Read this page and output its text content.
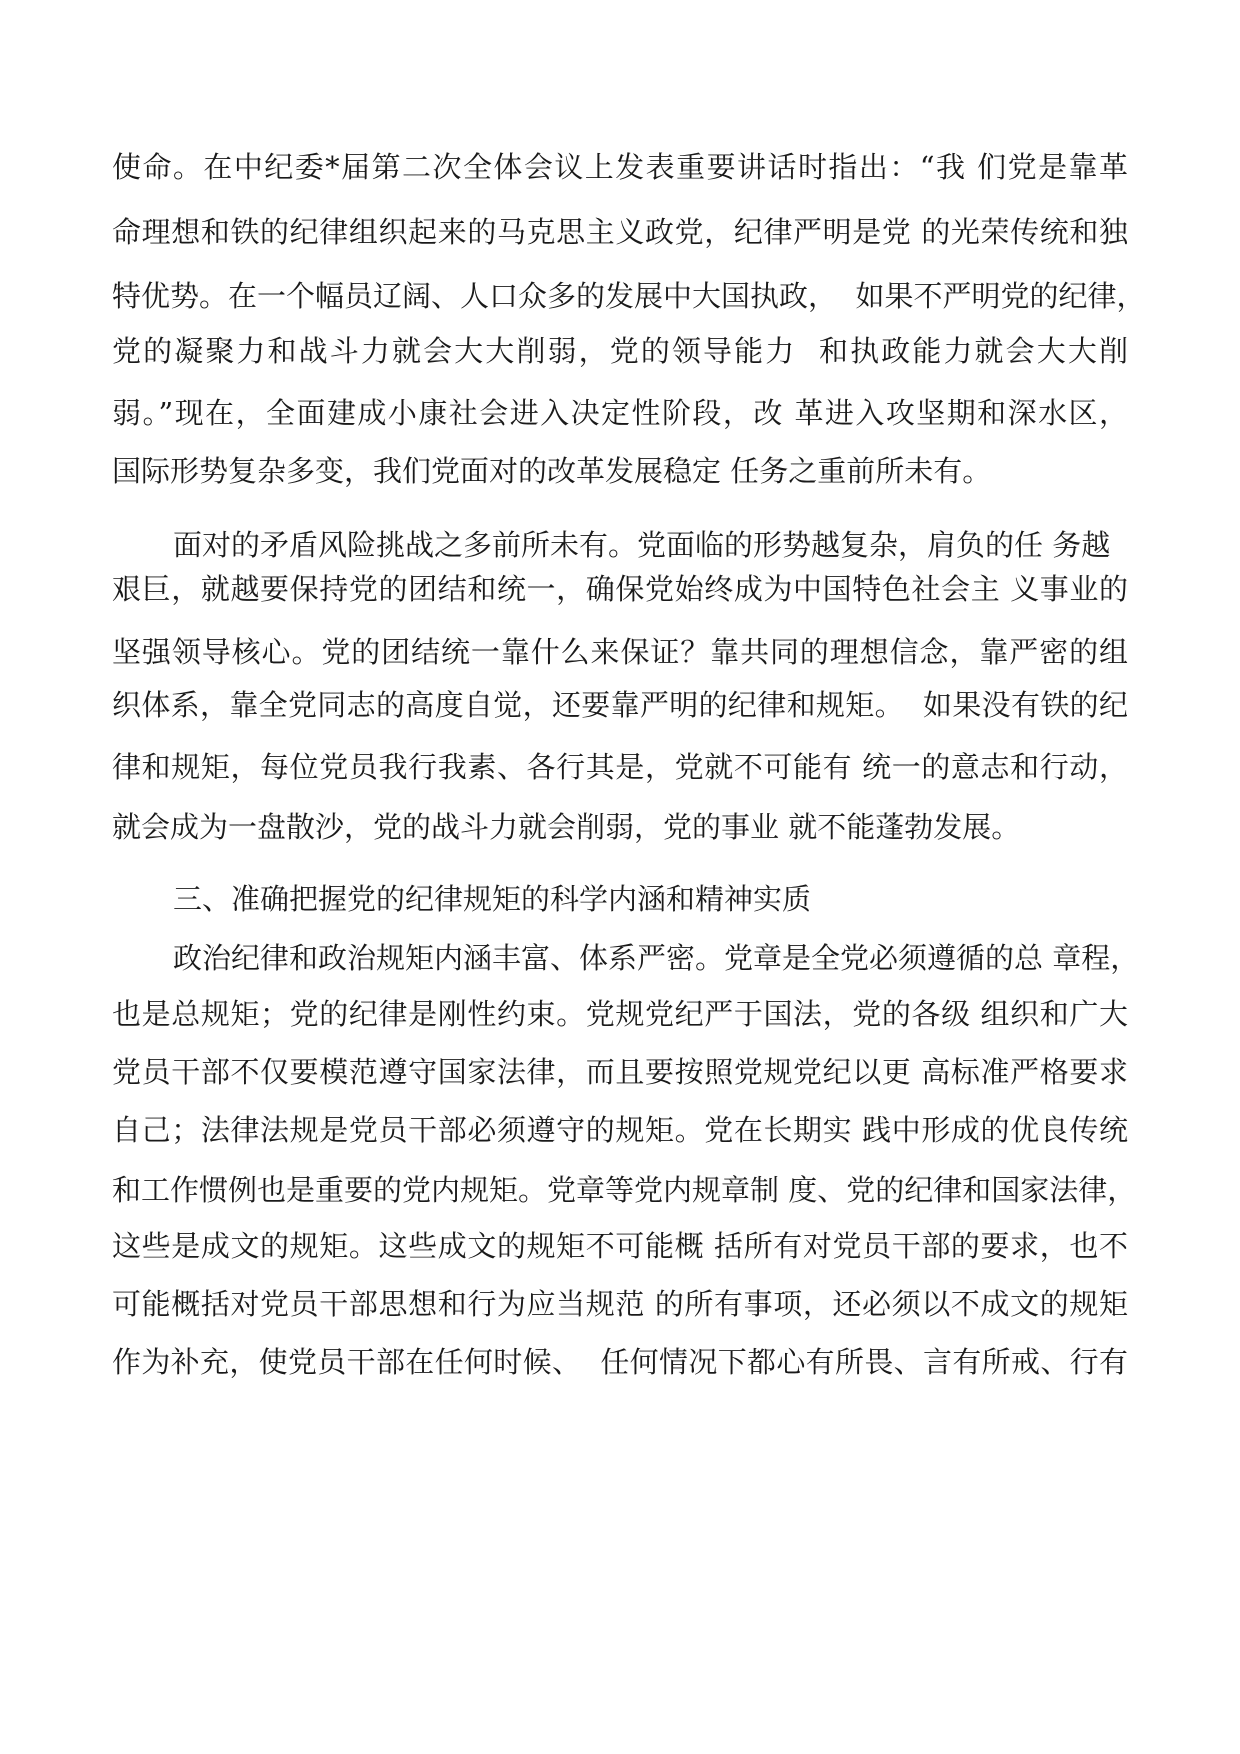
使命。在中纪委*届第二次全体会议上发表重要讲话时指出：“我 们党是靠革
命理想和铁的纪律组织起来的马克思主义政党，纪律严明是党 的光荣传统和独
特优势。在一个幅员辽阔、人口众多的发展中大国执政，  如果不严明党的纪律，
党的凝聚力和战斗力就会大大削弱，党的领导能力  和执政能力就会大大削
弱。”现在，全面建成小康社会进入决定性阶段，改 革进入攻坚期和深水区，
国际形势复杂多变，我们党面对的改革发展稳定 任务之重前所未有。
面对的矛盾风险挑战之多前所未有。党面临的形势越复杂，肩负的任 务越
艰巨，就越要保持党的团结和统一，确保党始终成为中国特色社会主 义事业的
坚强领导核心。党的团结统一靠什么来保证？靠共同的理想信念，靠严密的组
织体系，靠全党同志的高度自觉，还要靠严明的纪律和规矩。  如果没有铁的纪
律和规矩，每位党员我行我素、各行其是，党就不可能有 统一的意志和行动，
就会成为一盘散沙，党的战斗力就会削弱，党的事业 就不能蓬勃发展。
三、准确把握党的纪律规矩的科学内涵和精神实质
政治纪律和政治规矩内涵丰富、体系严密。党章是全党必须遵循的总 章程，
也是总规矩；党的纪律是刚性约束。党规党纪严于国法，党的各级 组织和广大
党员干部不仅要模范遵守国家法律，而且要按照党规党纪以更 高标准严格要求
自己；法律法规是党员干部必须遵守的规矩。党在长期实 践中形成的优良传统
和工作惯例也是重要的党内规矩。党章等党内规章制 度、党的纪律和国家法律，
这些是成文的规矩。这些成文的规矩不可能概 括所有对党员干部的要求，也不
可能概括对党员干部思想和行为应当规范 的所有事项，还必须以不成文的规矩
作为补充，使党员干部在任何时候、  任何情况下都心有所畏、言有所戒、行有
